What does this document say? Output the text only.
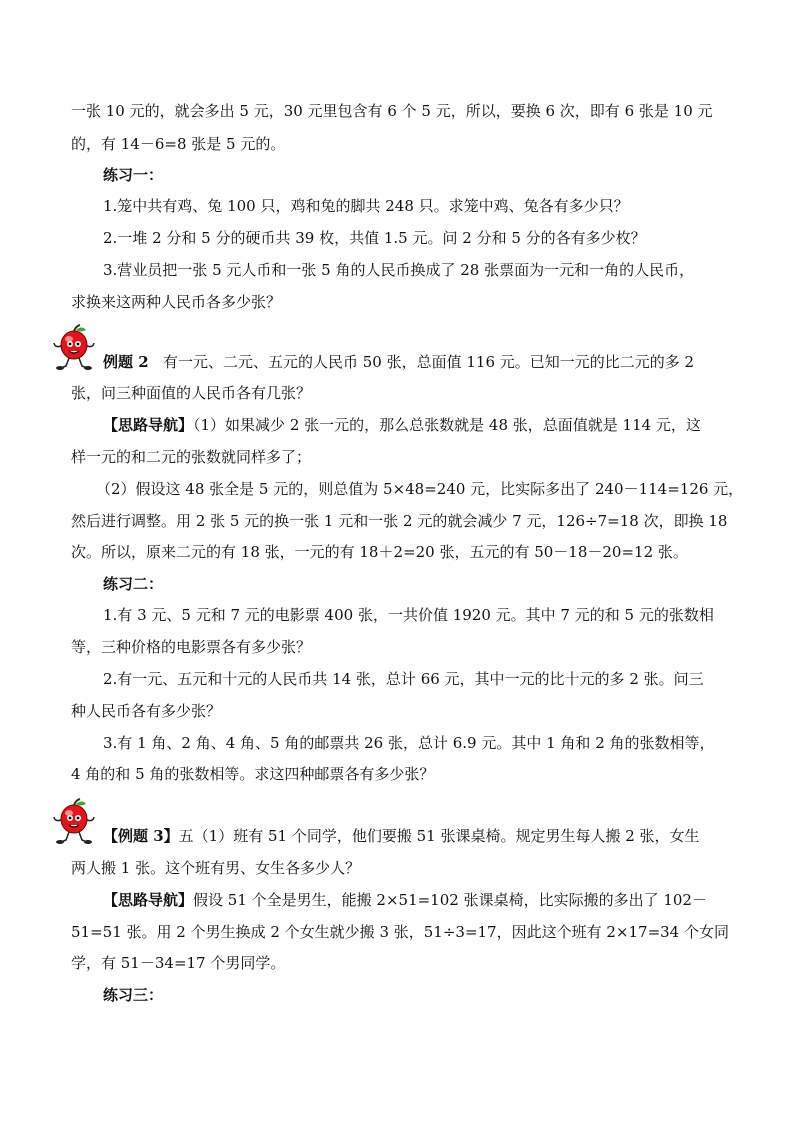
一张 10 元的，就会多出 5 元，30 元里包含有 6 个 5 元，所以，要换 6 次，即有 6 张是 10 元
的，有 14－6=8 张是 5 元的。
练习一：
1.笼中共有鸡、兔 100 只，鸡和兔的脚共 248 只。求笼中鸡、兔各有多少只？
2.一堆 2 分和 5 分的硬币共 39 枚，共值 1.5 元。问 2 分和 5 分的各有多少枚？
3.营业员把一张 5 元人币和一张 5 角的人民币换成了 28 张票面为一元和一角的人民币，
求换来这两种人民币各多少张？
例题 2 有一元、二元、五元的人民币 50 张，总面值 116 元。已知一元的比二元的多 2
张，问三种面值的人民币各有几张？
【思路导航】（1）如果减少 2 张一元的，那么总张数就是 48 张，总面值就是 114 元，这
样一元的和二元的张数就同样多了；
（2）假设这 48 张全是 5 元的，则总值为 5×48=240 元，比实际多出了 240－114=126 元，
然后进行调整。用 2 张 5 元的换一张 1 元和一张 2 元的就会减少 7 元，126÷7=18 次，即换 18
次。所以，原来二元的有 18 张，一元的有 18＋2=20 张，五元的有 50－18－20=12 张。
练习二：
1.有 3 元、5 元和 7 元的电影票 400 张，一共价值 1920 元。其中 7 元的和 5 元的张数相
等，三种价格的电影票各有多少张？
2.有一元、五元和十元的人民币共 14 张，总计 66 元，其中一元的比十元的多 2 张。问三
种人民币各有多少张？
3.有 1 角、2 角、4 角、5 角的邮票共 26 张，总计 6.9 元。其中 1 角和 2 角的张数相等，
4 角的和 5 角的张数相等。求这四种邮票各有多少张？
【例题 3】五（1）班有 51 个同学，他们要搬 51 张课桌椅。规定男生每人搬 2 张，女生
两人搬 1 张。这个班有男、女生各多少人？
【思路导航】假设 51 个全是男生，能搬 2×51=102 张课桌椅，比实际搬的多出了 102－
51=51 张。用 2 个男生换成 2 个女生就少搬 3 张，51÷3=17，因此这个班有 2×17=34 个女同
学，有 51－34=17 个男同学。
练习三：
